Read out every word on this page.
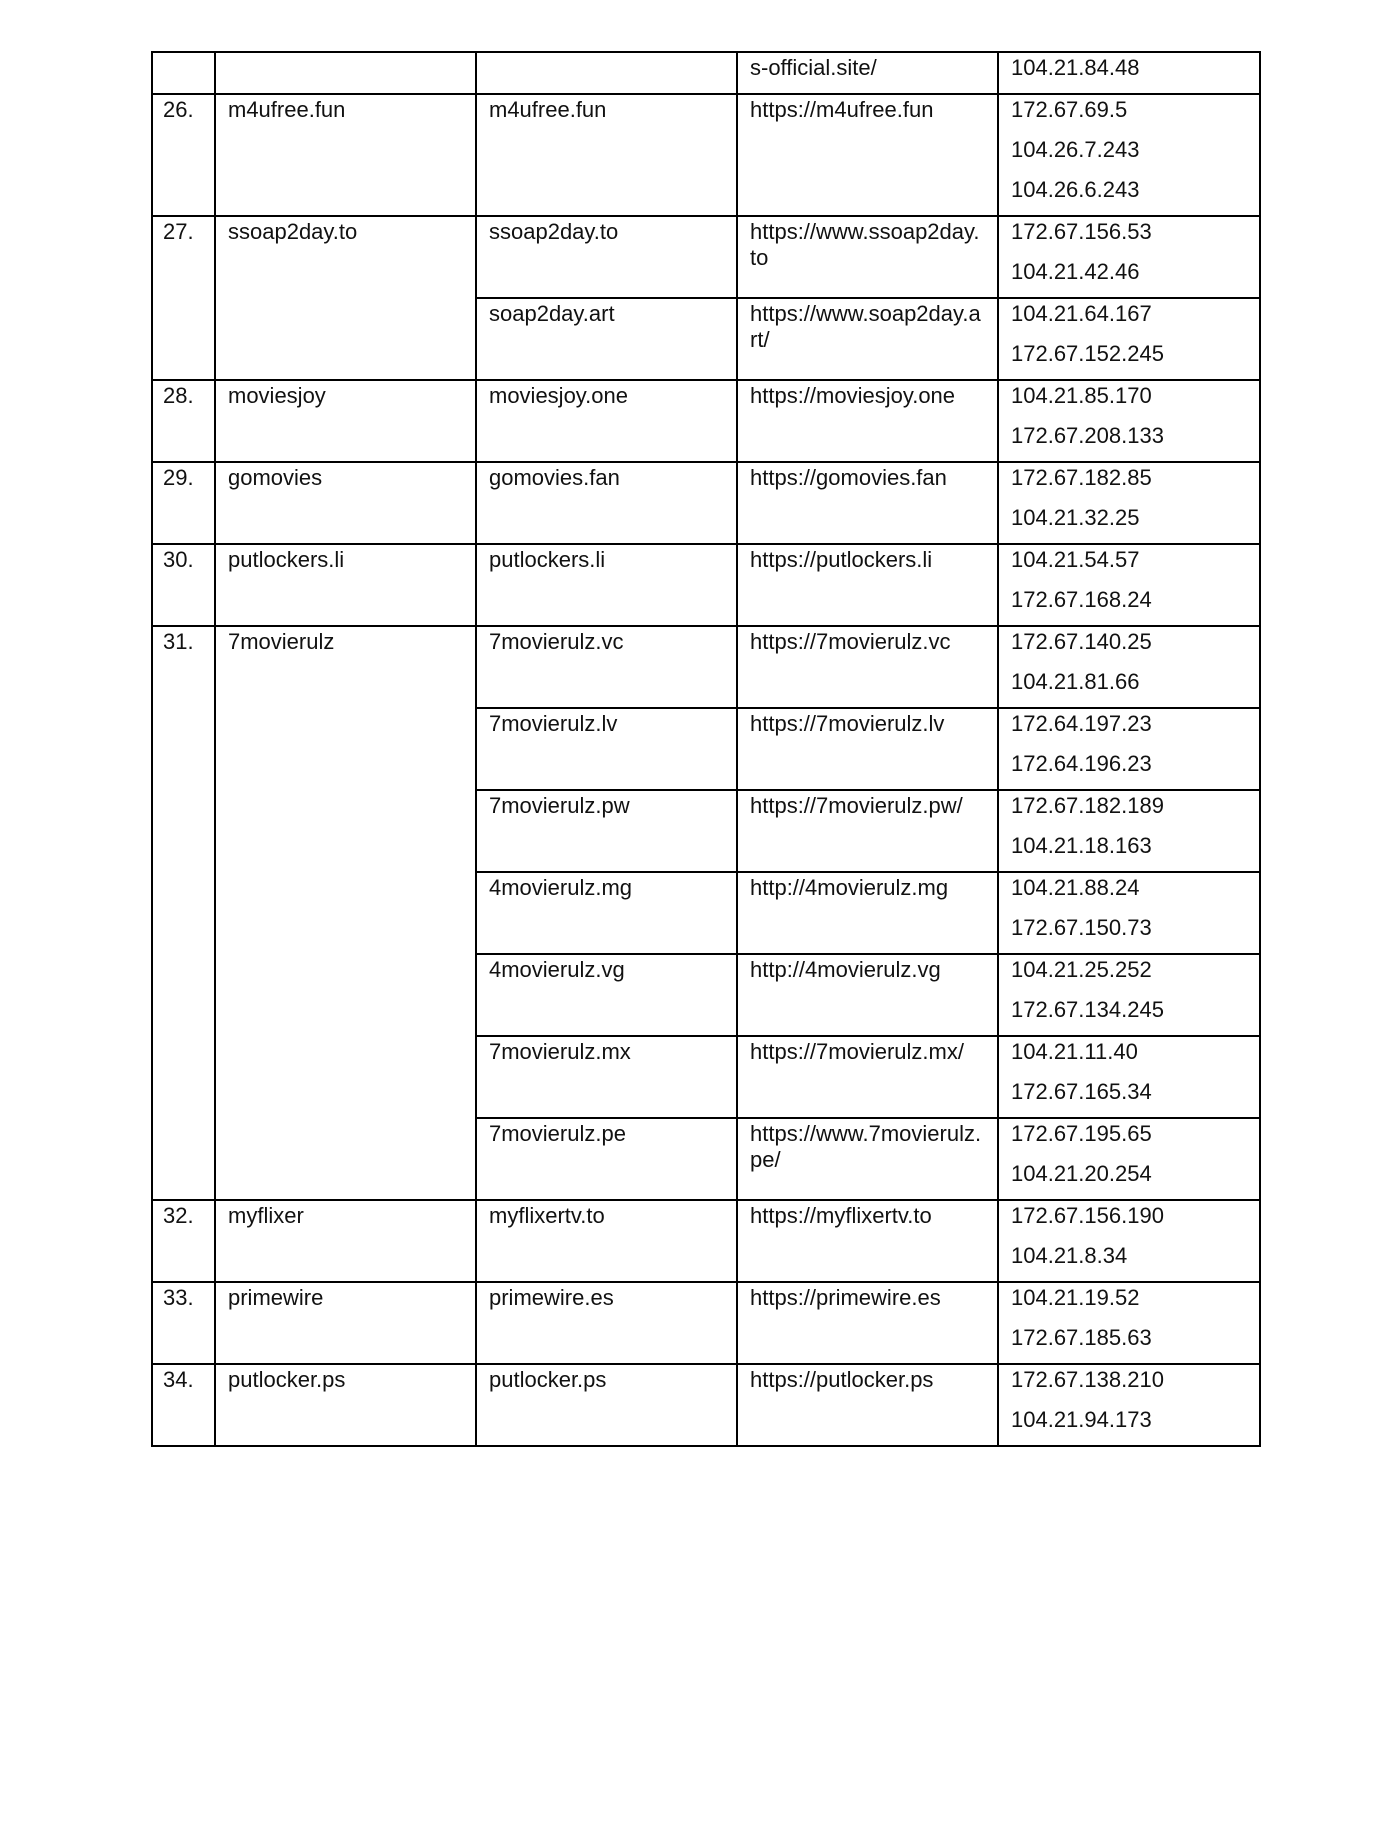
			s-official.site/	104.21.84.48

26.	m4ufree.fun	m4ufree.fun	https://m4ufree.fun	172.67.69.5
104.26.7.243
104.26.6.243

27.	ssoap2day.to	ssoap2day.to	https://www.ssoap2day.to	172.67.156.53
104.21.42.46

		soap2day.art	https://www.soap2day.art/	104.21.64.167
172.67.152.245

28.	moviesjoy	moviesjoy.one	https://moviesjoy.one	104.21.85.170
172.67.208.133

29.	gomovies	gomovies.fan	https://gomovies.fan	172.67.182.85
104.21.32.25

30.	putlockers.li	putlockers.li	https://putlockers.li	104.21.54.57
172.67.168.24

31.	7movierulz	7movierulz.vc	https://7movierulz.vc	172.67.140.25
104.21.81.66

		7movierulz.lv	https://7movierulz.lv	172.64.197.23
172.64.196.23

		7movierulz.pw	https://7movierulz.pw/	172.67.182.189
104.21.18.163

		4movierulz.mg	http://4movierulz.mg	104.21.88.24
172.67.150.73

		4movierulz.vg	http://4movierulz.vg	104.21.25.252
172.67.134.245

		7movierulz.mx	https://7movierulz.mx/	104.21.11.40
172.67.165.34

		7movierulz.pe	https://www.7movierulz.pe/	172.67.195.65
104.21.20.254

32.	myflixer	myflixertv.to	https://myflixertv.to	172.67.156.190
104.21.8.34

33.	primewire	primewire.es	https://primewire.es	104.21.19.52
172.67.185.63

34.	putlocker.ps	putlocker.ps	https://putlocker.ps	172.67.138.210
104.21.94.173
